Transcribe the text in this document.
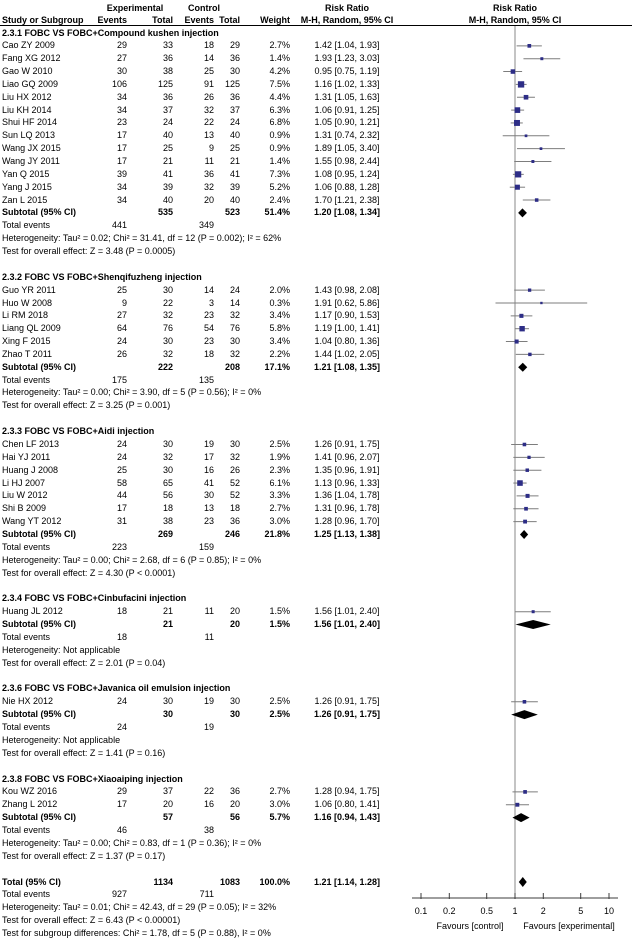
0.1 0.2	0.5 1	2	5 10
Favours [control] Favours [experimental]
Experimental	Control	Risk Ratio	Risk Ratio
Study or Subgroup	Events	Total	Events Total	Weight	M-H, Random, 95% CI	M-H, Random, 95% CI
2.3.1 FOBC VS FOBC+Compound kushen injection
Cao ZY 2009	29	33	18	29	2.7%	1.42 [1.04, 1.93]
Fang XG 2012	27	36	14	36	1.4%	1.93 [1.23, 3.03]
Gao W 2010	30	38	25	30	4.2%	0.95 [0.75, 1.19]
Liao GQ 2009	106	125	91	125	7.5%	1.16 [1.02, 1.33]
Liu HX 2012	34	36	26	36	4.4%	1.31 [1.05, 1.63]
Liu KH 2014	34	37	32	37	6.3%	1.06 [0.91, 1.25]
Shui HF 2014	23	24	22	24	6.8%	1.05 [0.90, 1.21]
Sun LQ 2013	17	40	13	40	0.9%	1.31 [0.74, 2.32]
Wang JX 2015	17	25	9	25	0.9%	1.89 [1.05, 3.40]
Wang JY 2011	17	21	11	21	1.4%	1.55 [0.98, 2.44]
Yan Q 2015	39	41	36	41	7.3%	1.08 [0.95, 1.24]
Yang J 2015	34	39	32	39	5.2%	1.06 [0.88, 1.28]
Zan L 2015	34	40	20	40	2.4%	1.70 [1.21, 2.38]
Subtotal (95% CI)	535	523	51.4%	1.20 [1.08, 1.34]
Total events	441	349
Heterogeneity: Tau² = 0.02; Chi² = 31.41, df = 12 (P = 0.002); I² = 62%
Test for overall effect: Z = 3.48 (P = 0.0005)
2.3.2 FOBC VS FOBC+Shenqifuzheng injection
Guo YR 2011	25	30	14	24	2.0%	1.43 [0.98, 2.08]
Huo W 2008	9	22	3	14	0.3%	1.91 [0.62, 5.86]
Li RM 2018	27	32	23	32	3.4%	1.17 [0.90, 1.53]
Liang QL 2009	64	76	54	76	5.8%	1.19 [1.00, 1.41]
Xing F 2015	24	30	23	30	3.4%	1.04 [0.80, 1.36]
Zhao T 2011	26	32	18	32	2.2%	1.44 [1.02, 2.05]
Subtotal (95% CI)	222	208	17.1%	1.21 [1.08, 1.35]
Total events	175	135
Heterogeneity: Tau² = 0.00; Chi² = 3.90, df = 5 (P = 0.56); I² = 0%
Test for overall effect: Z = 3.25 (P = 0.001)
2.3.3 FOBC VS FOBC+Aidi injection
Chen LF 2013	24	30	19	30	2.5%	1.26 [0.91, 1.75]
Hai YJ 2011	24	32	17	32	1.9%	1.41 [0.96, 2.07]
Huang J 2008	25	30	16	26	2.3%	1.35 [0.96, 1.91]
Li HJ 2007	58	65	41	52	6.1%	1.13 [0.96, 1.33]
Liu W 2012	44	56	30	52	3.3%	1.36 [1.04, 1.78]
Shi B 2009	17	18	13	18	2.7%	1.31 [0.96, 1.78]
Wang YT 2012	31	38	23	36	3.0%	1.28 [0.96, 1.70]
Subtotal (95% CI)	269	246	21.8%	1.25 [1.13, 1.38]
Total events	223	159
Heterogeneity: Tau² = 0.00; Chi² = 2.68, df = 6 (P = 0.85); I² = 0%
Test for overall effect: Z = 4.30 (P < 0.0001)
2.3.4 FOBC VS FOBC+Cinbufacini injection
Huang JL 2012	18	21	11	20	1.5%	1.56 [1.01, 2.40]
Subtotal (95% CI)	21	20	1.5%	1.56 [1.01, 2.40]
Total events	18	11
Heterogeneity: Not applicable
Test for overall effect: Z = 2.01 (P = 0.04)
2.3.6 FOBC VS FOBC+Javanica oil emulsion injection
Nie HX 2012	24	30	19	30	2.5%	1.26 [0.91, 1.75]
Subtotal (95% CI)	30	30	2.5%	1.26 [0.91, 1.75]
Total events	24	19
Heterogeneity: Not applicable
Test for overall effect: Z = 1.41 (P = 0.16)
2.3.8 FOBC VS FOBC+Xiaoaiping injection
Kou WZ 2016	29	37	22	36	2.7%	1.28 [0.94, 1.75]
Zhang L 2012	17	20	16	20	3.0%	1.06 [0.80, 1.41]
Subtotal (95% CI)	57	56	5.7%	1.16 [0.94, 1.43]
Total events	46	38
Heterogeneity: Tau² = 0.00; Chi² = 0.83, df = 1 (P = 0.36); I² = 0%
Test for overall effect: Z = 1.37 (P = 0.17)
Total (95% CI)	1134	1083	100.0%	1.21 [1.14, 1.28]
Total events	927	711
Heterogeneity: Tau² = 0.01; Chi² = 42.43, df = 29 (P = 0.05); I² = 32%
Test for overall effect: Z = 6.43 (P < 0.00001)
Test for subgroup differences: Chi² = 1.78, df = 5 (P = 0.88), I² = 0%
